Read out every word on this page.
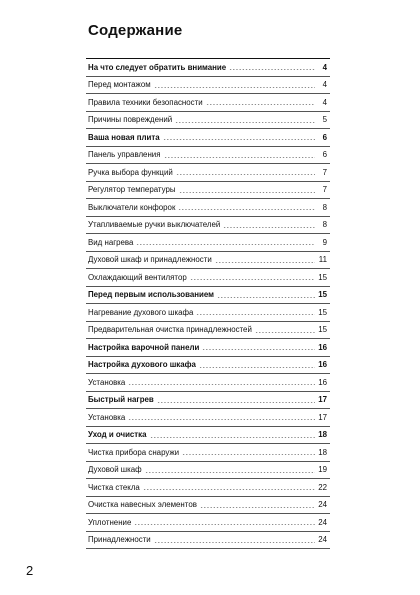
Содержание
На что следует обратить внимание	4
Перед монтажом	4
Правила техники безопасности	4
Причины повреждений	5
Ваша новая плита	6
Панель управления	6
Ручка выбора функций	7
Регулятор температуры	7
Выключатели конфорок	8
Утапливаемые ручки выключателей	8
Вид нагрева	9
Духовой шкаф и принадлежности	11
Охлаждающий вентилятор	15
Перед первым использованием	15
Нагревание духового шкафа	15
Предварительная очистка принадлежностей	15
Настройка варочной панели	16
Настройка духового шкафа	16
Установка	16
Быстрый нагрев	17
Установка	17
Уход и очистка	18
Чистка прибора снаружи	18
Духовой шкаф	19
Чистка стекла	22
Очистка навесных элементов	24
Уплотнение	24
Принадлежности	24
2
